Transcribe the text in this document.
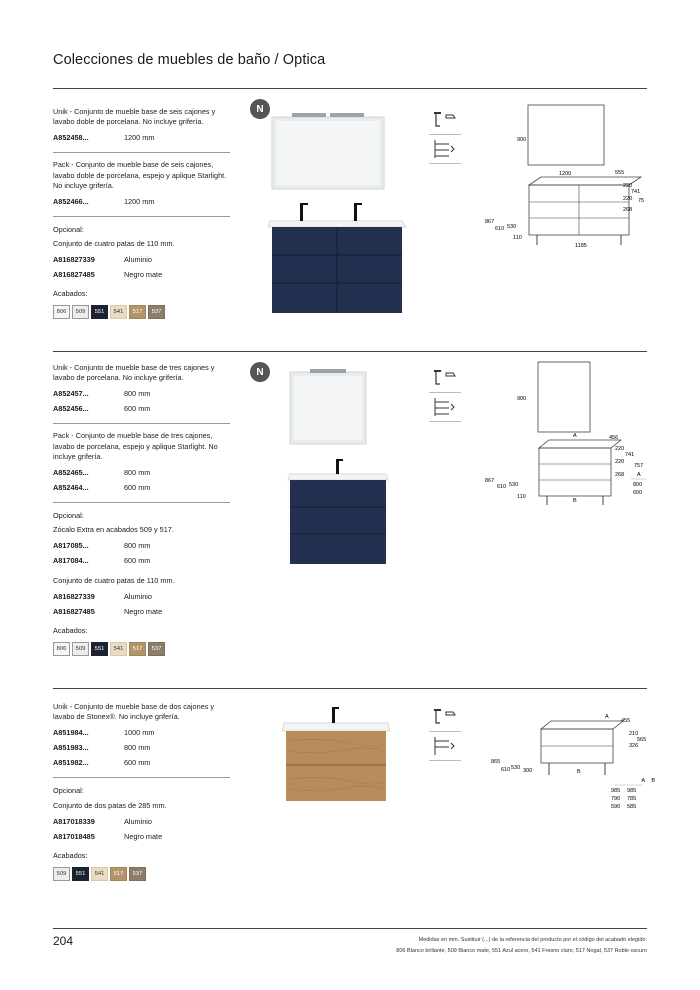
Colecciones de muebles de baño / Optica
Unik - Conjunto de mueble base de seis cajones y lavabo doble de porcelana. No incluye grifería.
A852458...	1200 mm
Pack - Conjunto de mueble base de seis cajones, lavabo doble de porcelana, espejo y aplique Starlight. No incluye grifería.
A852466...	1200 mm
Opcional:
Conjunto de cuatro patas de 110 mm.
A816827339	Aluminio
A816827485	Negro mate
Acabados:
806	509	551	541	517	537
N
900
1200	555
220
741
220 75
268
867
610 530
110
1185
Unik - Conjunto de mueble base de tres cajones y lavabo de porcelana. No incluye grifería.
A852457...	800 mm
A852456...	600 mm
Pack - Conjunto de mueble base de tres cajones, lavabo de porcelana, espejo y aplique Starlight. No incluye grifería.
A852465...	800 mm
A852464...	600 mm
Opcional:
Zócalo Extra en acabados 509 y 517.
A817085...	800 mm
A817084...	600 mm
Conjunto de cuatro patas de 110 mm.
A816827339	Aluminio
A816827485	Negro mate
Acabados:
806	509	551	541	517	537
N
900
A	456
220
741
220
757
268
867
610 530
110
B
A
800
600
Unik - Conjunto de mueble base de dos cajones y lavabo de Stonex®. No incluye grifería.
A851984...	1000 mm
A851983...	800 mm
A851982...	600 mm
Opcional:
Conjunto de dos patas de 285 mm.
A817018339	Aluminio
A817018485	Negro mate
Acabados:
509	551	541	517	537
A
455
210
565
326
865
610 530 300	B
A B
985 985
790 785
590 585
204	Medidas en mm. Sustituir (...) de la referencia del producto por el código del acabado elegido:
806 Blanco brillante, 509 Blanco mate, 551 Azul acero, 541 Fresno claro, 517 Nogal, 537 Roble oscuro
